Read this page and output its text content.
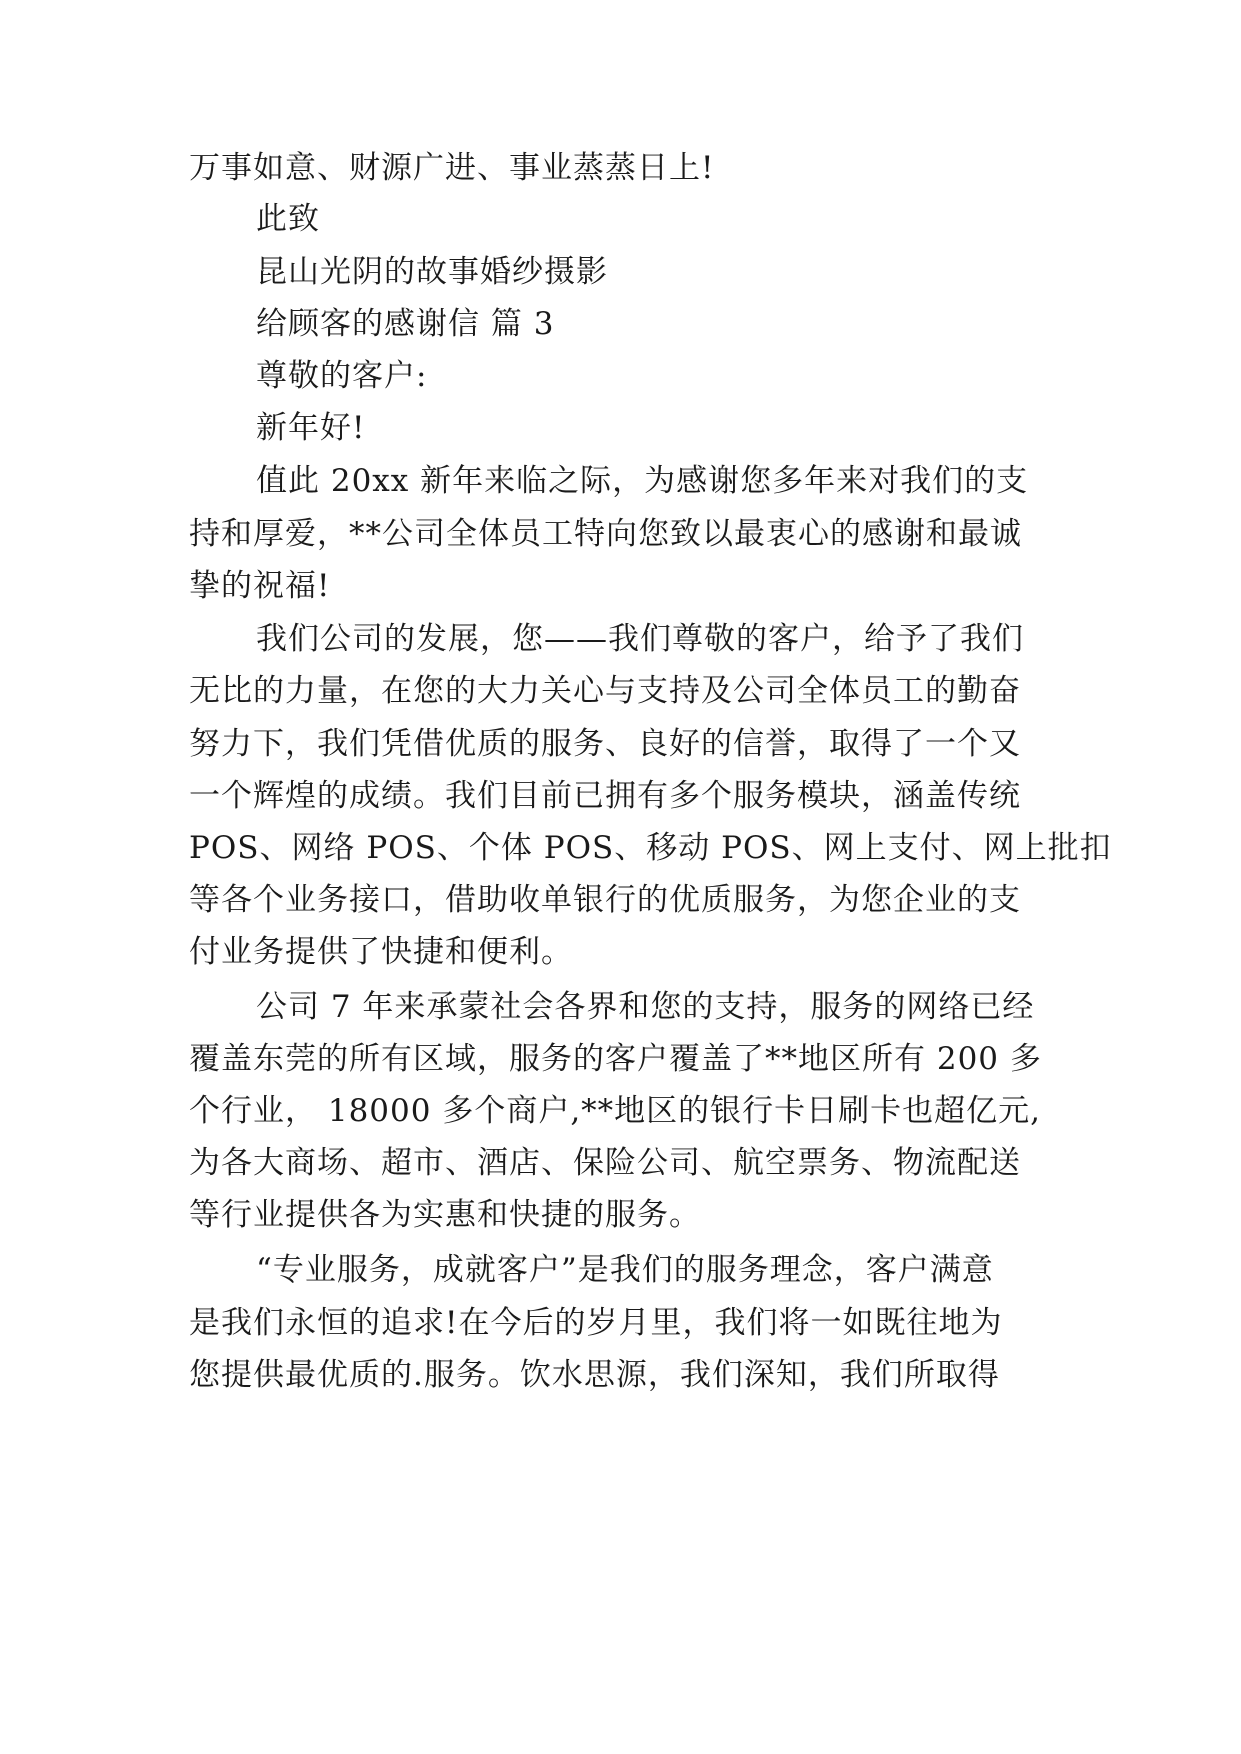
万事如意、财源广进、事业蒸蒸日上!
此致
昆山光阴的故事婚纱摄影
给顾客的感谢信 篇 3
尊敬的客户:
新年好!
值此 20xx 新年来临之际，为感谢您多年来对我们的支
持和厚爱，**公司全体员工特向您致以最衷心的感谢和最诚
挚的祝福!
我们公司的发展，您——我们尊敬的客户，给予了我们
无比的力量，在您的大力关心与支持及公司全体员工的勤奋
努力下，我们凭借优质的服务、良好的信誉，取得了一个又
一个辉煌的成绩。我们目前已拥有多个服务模块，涵盖传统
POS、网络 POS、个体 POS、移动 POS、网上支付、网上批扣
等各个业务接口，借助收单银行的优质服务，为您企业的支
付业务提供了快捷和便利。
公司 7 年来承蒙社会各界和您的支持，服务的网络已经
覆盖东莞的所有区域，服务的客户覆盖了**地区所有 200 多
个行业， 18000 多个商户,**地区的银行卡日刷卡也超亿元,
为各大商场、超市、酒店、保险公司、航空票务、物流配送
等行业提供各为实惠和快捷的服务。
“专业服务，成就客户”是我们的服务理念，客户满意
是我们永恒的追求!在今后的岁月里，我们将一如既往地为
您提供最优质的.服务。饮水思源，我们深知，我们所取得
